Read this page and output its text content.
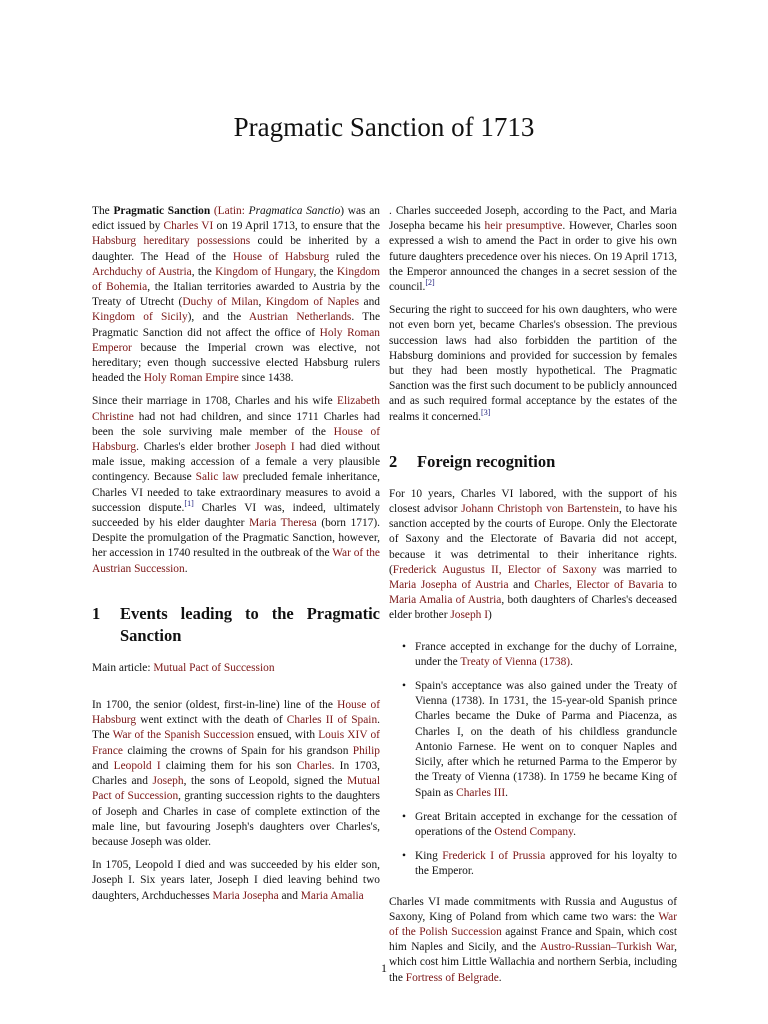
Pragmatic Sanction of 1713

The Pragmatic Sanction (Latin: Pragmatica Sanctio) was an edict issued by Charles VI on 19 April 1713, to ensure that the Habsburg hereditary possessions could be inherited by a daughter. The Head of the House of Habsburg ruled the Archduchy of Austria, the Kingdom of Hungary, the Kingdom of Bohemia, the Italian territories awarded to Austria by the Treaty of Utrecht (Duchy of Milan, Kingdom of Naples and Kingdom of Sicily), and the Austrian Netherlands. The Pragmatic Sanction did not affect the office of Holy Roman Emperor because the Imperial crown was elective, not hereditary; even though successive elected Habsburg rulers headed the Holy Roman Empire since 1438.

Since their marriage in 1708, Charles and his wife Elizabeth Christine had not had children, and since 1711 Charles had been the sole surviving male member of the House of Habsburg. Charles's elder brother Joseph I had died without male issue, making accession of a female a very plausible contingency. Because Salic law precluded female inheritance, Charles VI needed to take extraordinary measures to avoid a succession dispute.[1] Charles VI was, indeed, ultimately succeeded by his elder daughter Maria Theresa (born 1717). Despite the promulgation of the Pragmatic Sanction, however, her accession in 1740 resulted in the outbreak of the War of the Austrian Succession.

1	Events leading to the Pragmatic Sanction

Main article: Mutual Pact of Succession

In 1700, the senior (oldest, first-in-line) line of the House of Habsburg went extinct with the death of Charles II of Spain. The War of the Spanish Succession ensued, with Louis XIV of France claiming the crowns of Spain for his grandson Philip and Leopold I claiming them for his son Charles. In 1703, Charles and Joseph, the sons of Leopold, signed the Mutual Pact of Succession, granting succession rights to the daughters of Joseph and Charles in case of complete extinction of the male line, but favouring Joseph's daughters over Charles's, because Joseph was older.

In 1705, Leopold I died and was succeeded by his elder son, Joseph I. Six years later, Joseph I died leaving behind two daughters, Archduchesses Maria Josepha and Maria Amalia

. Charles succeeded Joseph, according to the Pact, and Maria Josepha became his heir presumptive. However, Charles soon expressed a wish to amend the Pact in order to give his own future daughters precedence over his nieces. On 19 April 1713, the Emperor announced the changes in a secret session of the council.[2]

Securing the right to succeed for his own daughters, who were not even born yet, became Charles's obsession. The previous succession laws had also forbidden the partition of the Habsburg dominions and provided for succession by females but they had been mostly hypothetical. The Pragmatic Sanction was the first such document to be publicly announced and as such required formal acceptance by the estates of the realms it concerned.[3]

2	Foreign recognition

For 10 years, Charles VI labored, with the support of his closest advisor Johann Christoph von Bartenstein, to have his sanction accepted by the courts of Europe. Only the Electorate of Saxony and the Electorate of Bavaria did not accept, because it was detrimental to their inheritance rights. (Frederick Augustus II, Elector of Saxony was married to Maria Josepha of Austria and Charles, Elector of Bavaria to Maria Amalia of Austria, both daughters of Charles's deceased elder brother Joseph I)

• France accepted in exchange for the duchy of Lorraine, under the Treaty of Vienna (1738).
• Spain's acceptance was also gained under the Treaty of Vienna (1738). In 1731, the 15-year-old Spanish prince Charles became the Duke of Parma and Piacenza, as Charles I, on the death of his childless granduncle Antonio Farnese. He went on to conquer Naples and Sicily, after which he returned Parma to the Emperor by the Treaty of Vienna (1738). In 1759 he became King of Spain as Charles III.
• Great Britain accepted in exchange for the cessation of operations of the Ostend Company.
• King Frederick I of Prussia approved for his loyalty to the Emperor.

Charles VI made commitments with Russia and Augustus of Saxony, King of Poland from which came two wars: the War of the Polish Succession against France and Spain, which cost him Naples and Sicily, and the Austro-Russian–Turkish War, which cost him Little Wallachia and northern Serbia, including the Fortress of Belgrade.

1
